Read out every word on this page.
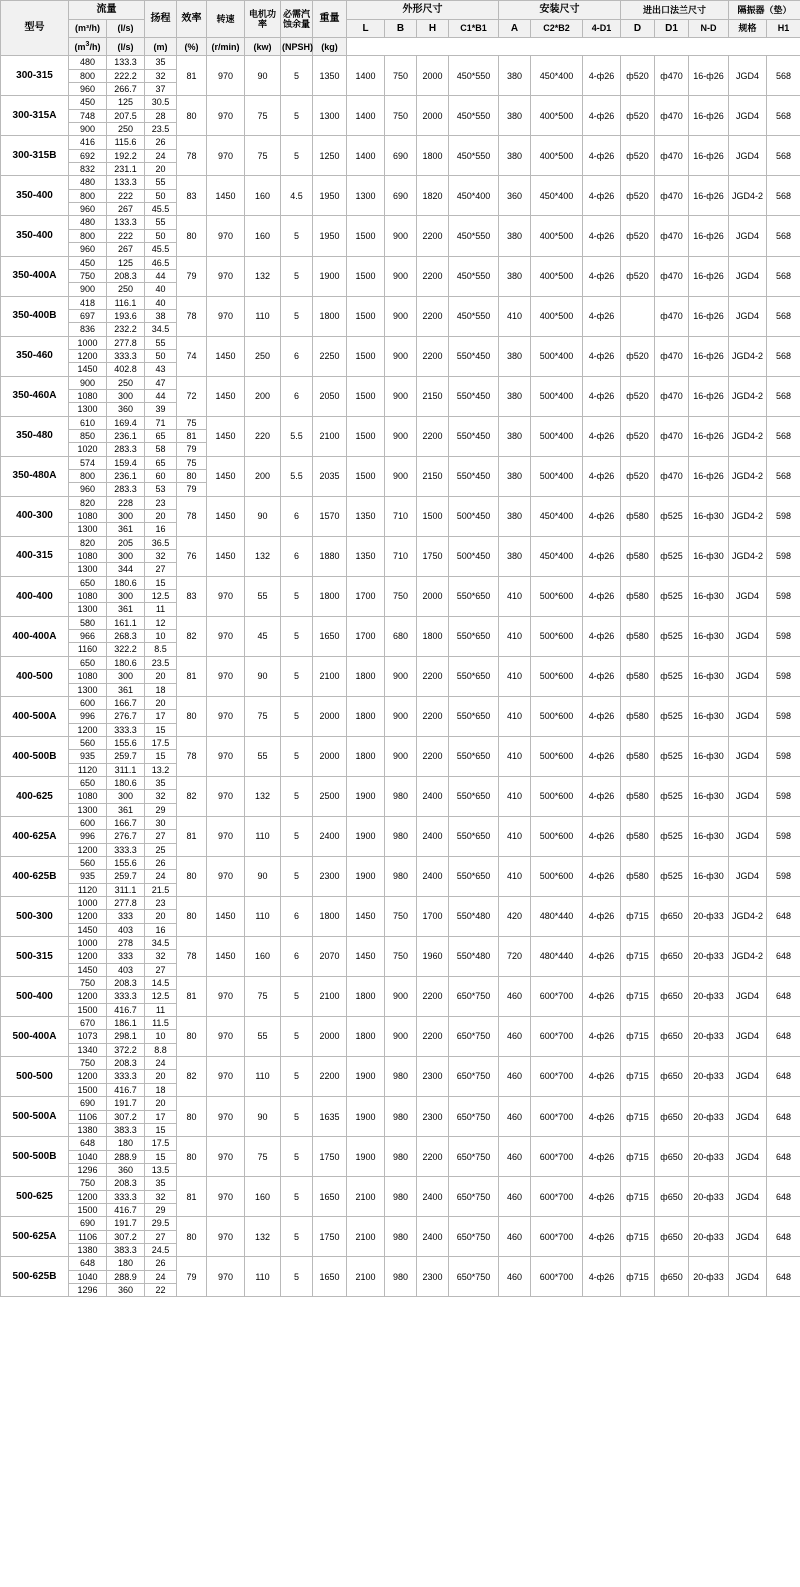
型号	流量		扬程	效率	转速	电机功率	必需汽蚀余量	重量	外形尺寸				安装尺寸			进出口法兰尺寸			隔振器（垫）	
	(m³/h)	(l/s)							L	B	H	C1*B1	A	C2*B2	4-D1	D	D1	N-D	规格	H1
	$(m^3/h)$	(l/s)	(m)	(%)	(r/min)	(kw)	(NPSH)	(kg)												
300-315	480	133.3	35	81	970	90	5	1350	1400	750	2000	450*550	380	450*400	4-ф26	ф520	ф470	16-ф26	JGD4	568
	800	222.2	32																	
	960	266.7	37																	
300-315A	450	125	30.5	80	970	75	5	1300	1400	750	2000	450*550	380	400*500	4-ф26	ф520	ф470	16-ф26	JGD4	568
	748	207.5	28																	
	900	250	23.5																	
300-315B	416	115.6	26	78	970	75	5	1250	1400	690	1800	450*550	380	400*500	4-ф26	ф520	ф470	16-ф26	JGD4	568
	692	192.2	24																	
	832	231.1	20																	
350-400	480	133.3	55	83	1450	160	4.5	1950	1300	690	1820	450*400	360	450*400	4-ф26	ф520	ф470	16-ф26	JGD4-2	568
	800	222	50																	
	960	267	45.5																	
350-400	480	133.3	55	80	970	160	5	1950	1500	900	2200	450*550	380	400*500	4-ф26	ф520	ф470	16-ф26	JGD4	568
	800	222	50																	
	960	267	45.5																	
350-400A	450	125	46.5	79	970	132	5	1900	1500	900	2200	450*550	380	400*500	4-ф26	ф520	ф470	16-ф26	JGD4	568
	750	208.3	44																	
	900	250	40																	
350-400B	418	116.1	40	78	970	110	5	1800	1500	900	2200	450*550	410	400*500	4-ф26		ф470	16-ф26	JGD4	568
	697	193.6	38																	
	836	232.2	34.5																	
350-460	1000	277.8	55	74	1450	250	6	2250	1500	900	2200	550*450	380	500*400	4-ф26	ф520	ф470	16-ф26	JGD4-2	568
	1200	333.3	50																	
	1450	402.8	43																	
350-460A	900	250	47	72	1450	200	6	2050	1500	900	2150	550*450	380	500*400	4-ф26	ф520	ф470	16-ф26	JGD4-2	568
	1080	300	44																	
	1300	360	39																	
350-480	610	169.4	71	75	1450	220	5.5	2100	1500	900	2200	550*450	380	500*400	4-ф26	ф520	ф470	16-ф26	JGD4-2	568
	850	236.1	65	81																
	1020	283.3	58	79																
350-480A	574	159.4	65	75	1450	200	5.5	2035	1500	900	2150	550*450	380	500*400	4-ф26	ф520	ф470	16-ф26	JGD4-2	568
	800	236.1	60	80																
	960	283.3	53	79																
400-300	820	228	23	78	1450	90	6	1570	1350	710	1500	500*450	380	450*400	4-ф26	ф580	ф525	16-ф30	JGD4-2	598
	1080	300	20																	
	1300	361	16																	
400-315	820	205	36.5	76	1450	132	6	1880	1350	710	1750	500*450	380	450*400	4-ф26	ф580	ф525	16-ф30	JGD4-2	598
	1080	300	32																	
	1300	344	27																	
400-400	650	180.6	15	83	970	55	5	1800	1700	750	2000	550*650	410	500*600	4-ф26	ф580	ф525	16-ф30	JGD4	598
	1080	300	12.5																	
	1300	361	11																	
400-400A	580	161.1	12	82	970	45	5	1650	1700	680	1800	550*650	410	500*600	4-ф26	ф580	ф525	16-ф30	JGD4	598
	966	268.3	10																	
	1160	322.2	8.5																	
400-500	650	180.6	23.5	81	970	90	5	2100	1800	900	2200	550*650	410	500*600	4-ф26	ф580	ф525	16-ф30	JGD4	598
	1080	300	20																	
	1300	361	18																	
400-500A	600	166.7	20	80	970	75	5	2000	1800	900	2200	550*650	410	500*600	4-ф26	ф580	ф525	16-ф30	JGD4	598
	996	276.7	17																	
	1200	333.3	15																	
400-500B	560	155.6	17.5	78	970	55	5	2000	1800	900	2200	550*650	410	500*600	4-ф26	ф580	ф525	16-ф30	JGD4	598
	935	259.7	15																	
	1120	311.1	13.2																	
400-625	650	180.6	35	82	970	132	5	2500	1900	980	2400	550*650	410	500*600	4-ф26	ф580	ф525	16-ф30	JGD4	598
	1080	300	32																	
	1300	361	29																	
400-625A	600	166.7	30	81	970	110	5	2400	1900	980	2400	550*650	410	500*600	4-ф26	ф580	ф525	16-ф30	JGD4	598
	996	276.7	27																	
	1200	333.3	25																	
400-625B	560	155.6	26	80	970	90	5	2300	1900	980	2400	550*650	410	500*600	4-ф26	ф580	ф525	16-ф30	JGD4	598
	935	259.7	24																	
	1120	311.1	21.5																	
500-300	1000	277.8	23	80	1450	110	6	1800	1450	750	1700	550*480	420	480*440	4-ф26	ф715	ф650	20-ф33	JGD4-2	648
	1200	333	20																	
	1450	403	16																	
500-315	1000	278	34.5	78	1450	160	6	2070	1450	750	1960	550*480	720	480*440	4-ф26	ф715	ф650	20-ф33	JGD4-2	648
	1200	333	32																	
	1450	403	27																	
500-400	750	208.3	14.5	81	970	75	5	2100	1800	900	2200	650*750	460	600*700	4-ф26	ф715	ф650	20-ф33	JGD4	648
	1200	333.3	12.5																	
	1500	416.7	11																	
500-400A	670	186.1	11.5	80	970	55	5	2000	1800	900	2200	650*750	460	600*700	4-ф26	ф715	ф650	20-ф33	JGD4	648
	1073	298.1	10																	
	1340	372.2	8.8																	
500-500	750	208.3	24	82	970	110	5	2200	1900	980	2300	650*750	460	600*700	4-ф26	ф715	ф650	20-ф33	JGD4	648
	1200	333.3	20																	
	1500	416.7	18																	
500-500A	690	191.7	20	80	970	90	5	1635	1900	980	2300	650*750	460	600*700	4-ф26	ф715	ф650	20-ф33	JGD4	648
	1106	307.2	17																	
	1380	383.3	15																	
500-500B	648	180	17.5	80	970	75	5	1750	1900	980	2200	650*750	460	600*700	4-ф26	ф715	ф650	20-ф33	JGD4	648
	1040	288.9	15																	
	1296	360	13.5																	
500-625	750	208.3	35	81	970	160	5	1650	2100	980	2400	650*750	460	600*700	4-ф26	ф715	ф650	20-ф33	JGD4	648
	1200	333.3	32																	
	1500	416.7	29																	
500-625A	690	191.7	29.5	80	970	132	5	1750	2100	980	2400	650*750	460	600*700	4-ф26	ф715	ф650	20-ф33	JGD4	648
	1106	307.2	27																	
	1380	383.3	24.5																	
500-625B	648	180	26	79	970	110	5	1650	2100	980	2300	650*750	460	600*700	4-ф26	ф715	ф650	20-ф33	JGD4	648
	1040	288.9	24																	
	1296	360	22																	
